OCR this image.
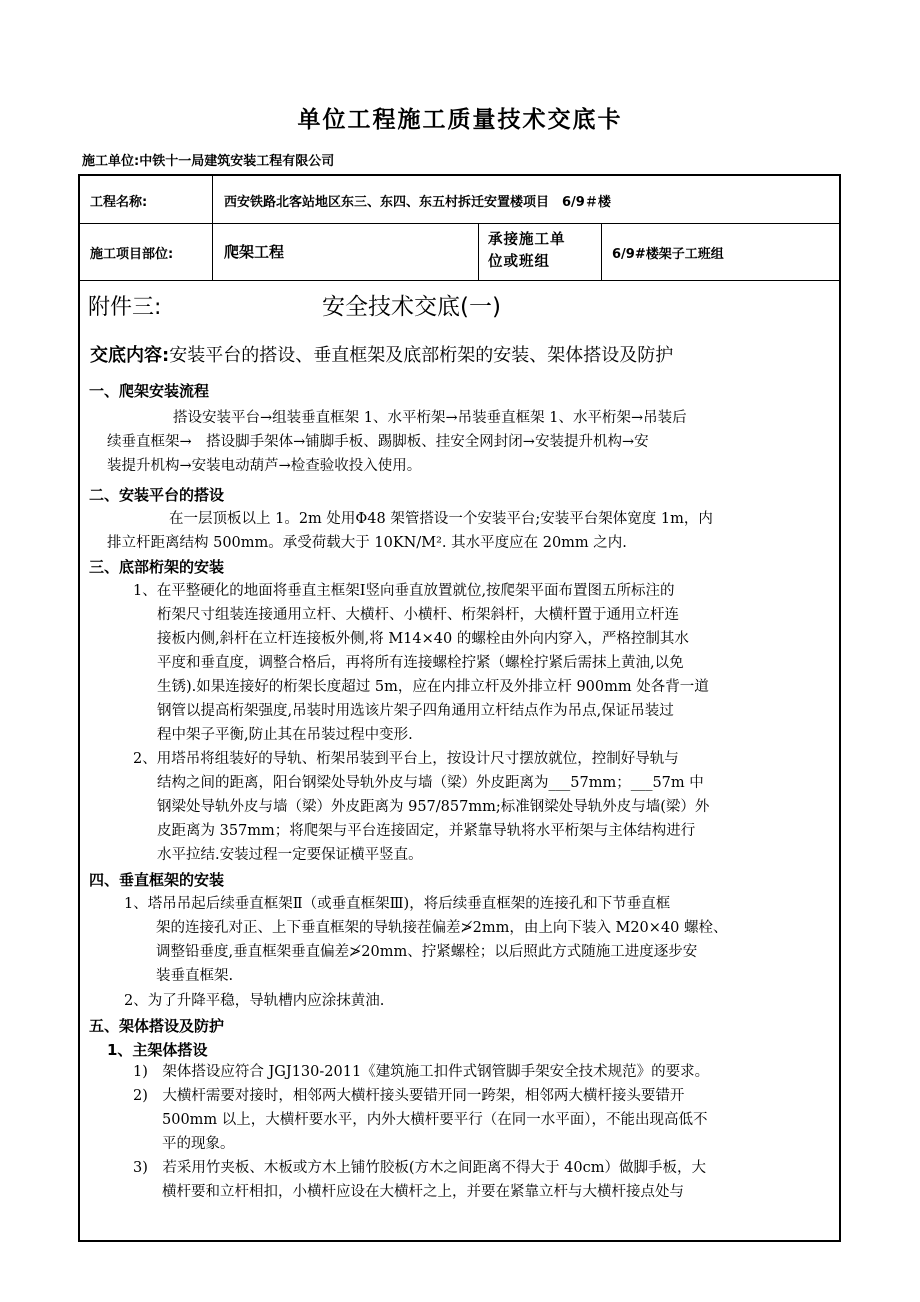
单位工程施工质量技术交底卡
施工单位:中铁十一局建筑安装工程有限公司
工程名称:	西安铁路北客站地区东三、东四、东五村拆迁安置楼项目　6/9＃楼
施工项目部位:	爬架工程
承接施工单
位或班组	6/9#楼架子工班组
附件三:	安全技术交底(一)
交底内容:安装平台的搭设、垂直框架及底部桁架的安装、架体搭设及防护
一、爬架安装流程
搭设安装平台→组装垂直框架 1、水平桁架→吊装垂直框架 1、水平桁架→吊装后
续垂直框架→　搭设脚手架体→铺脚手板、踢脚板、挂安全网封闭→安装提升机构→安
装提升机构→安装电动葫芦→检查验收投入使用。
二、安装平台的搭设
在一层顶板以上 1。2m 处用Φ48 架管搭设一个安装平台;安装平台架体宽度 1m，内
排立杆距离结构 500mm。承受荷载大于 10KN/M². 其水平度应在 20mm 之内.
三、底部桁架的安装
1、在平整硬化的地面将垂直主框架Ⅰ竖向垂直放置就位,按爬架平面布置图五所标注的
桁架尺寸组装连接通用立杆、大横杆、小横杆、桁架斜杆，大横杆置于通用立杆连
接板内侧,斜杆在立杆连接板外侧,将 M14×40 的螺栓由外向内穿入，严格控制其水
平度和垂直度，调整合格后，再将所有连接螺栓拧紧（螺栓拧紧后需抹上黄油,以免
生锈).如果连接好的桁架长度超过 5m，应在内排立杆及外排立杆 900mm 处各背一道
钢管以提高桁架强度,吊装时用选该片架子四角通用立杆结点作为吊点,保证吊装过
程中架子平衡,防止其在吊装过程中变形.
2、用塔吊将组装好的导轨、桁架吊装到平台上，按设计尺寸摆放就位，控制好导轨与
结构之间的距离，阳台钢梁处导轨外皮与墙（梁）外皮距离为___57mm；___57m 中
钢梁处导轨外皮与墙（梁）外皮距离为 957/857mm;标准钢梁处导轨外皮与墙(梁）外
皮距离为 357mm；将爬架与平台连接固定，并紧靠导轨将水平桁架与主体结构进行
水平拉结.安装过程一定要保证横平竖直。
四、垂直框架的安装
1、塔吊吊起后续垂直框架Ⅱ（或垂直框架Ⅲ)，将后续垂直框架的连接孔和下节垂直框
架的连接孔对正、上下垂直框架的导轨接茬偏差≯2mm，由上向下装入 M20×40 螺栓、
调整铅垂度,垂直框架垂直偏差≯20mm、拧紧螺栓；以后照此方式随施工进度逐步安
装垂直框架.
2、为了升降平稳，导轨槽内应涂抹黄油.
五、架体搭设及防护
1、主架体搭设
1)　架体搭设应符合 JGJ130-2011《建筑施工扣件式钢管脚手架安全技术规范》的要求。
2)　大横杆需要对接时，相邻两大横杆接头要错开同一跨架，相邻两大横杆接头要错开
　　500mm 以上，大横杆要水平，内外大横杆要平行（在同一水平面），不能出现高低不
　　平的现象。
3)　若采用竹夹板、木板或方木上铺竹胶板(方木之间距离不得大于 40cm）做脚手板，大
　　横杆要和立杆相扣，小横杆应设在大横杆之上，并要在紧靠立杆与大横杆接点处与
